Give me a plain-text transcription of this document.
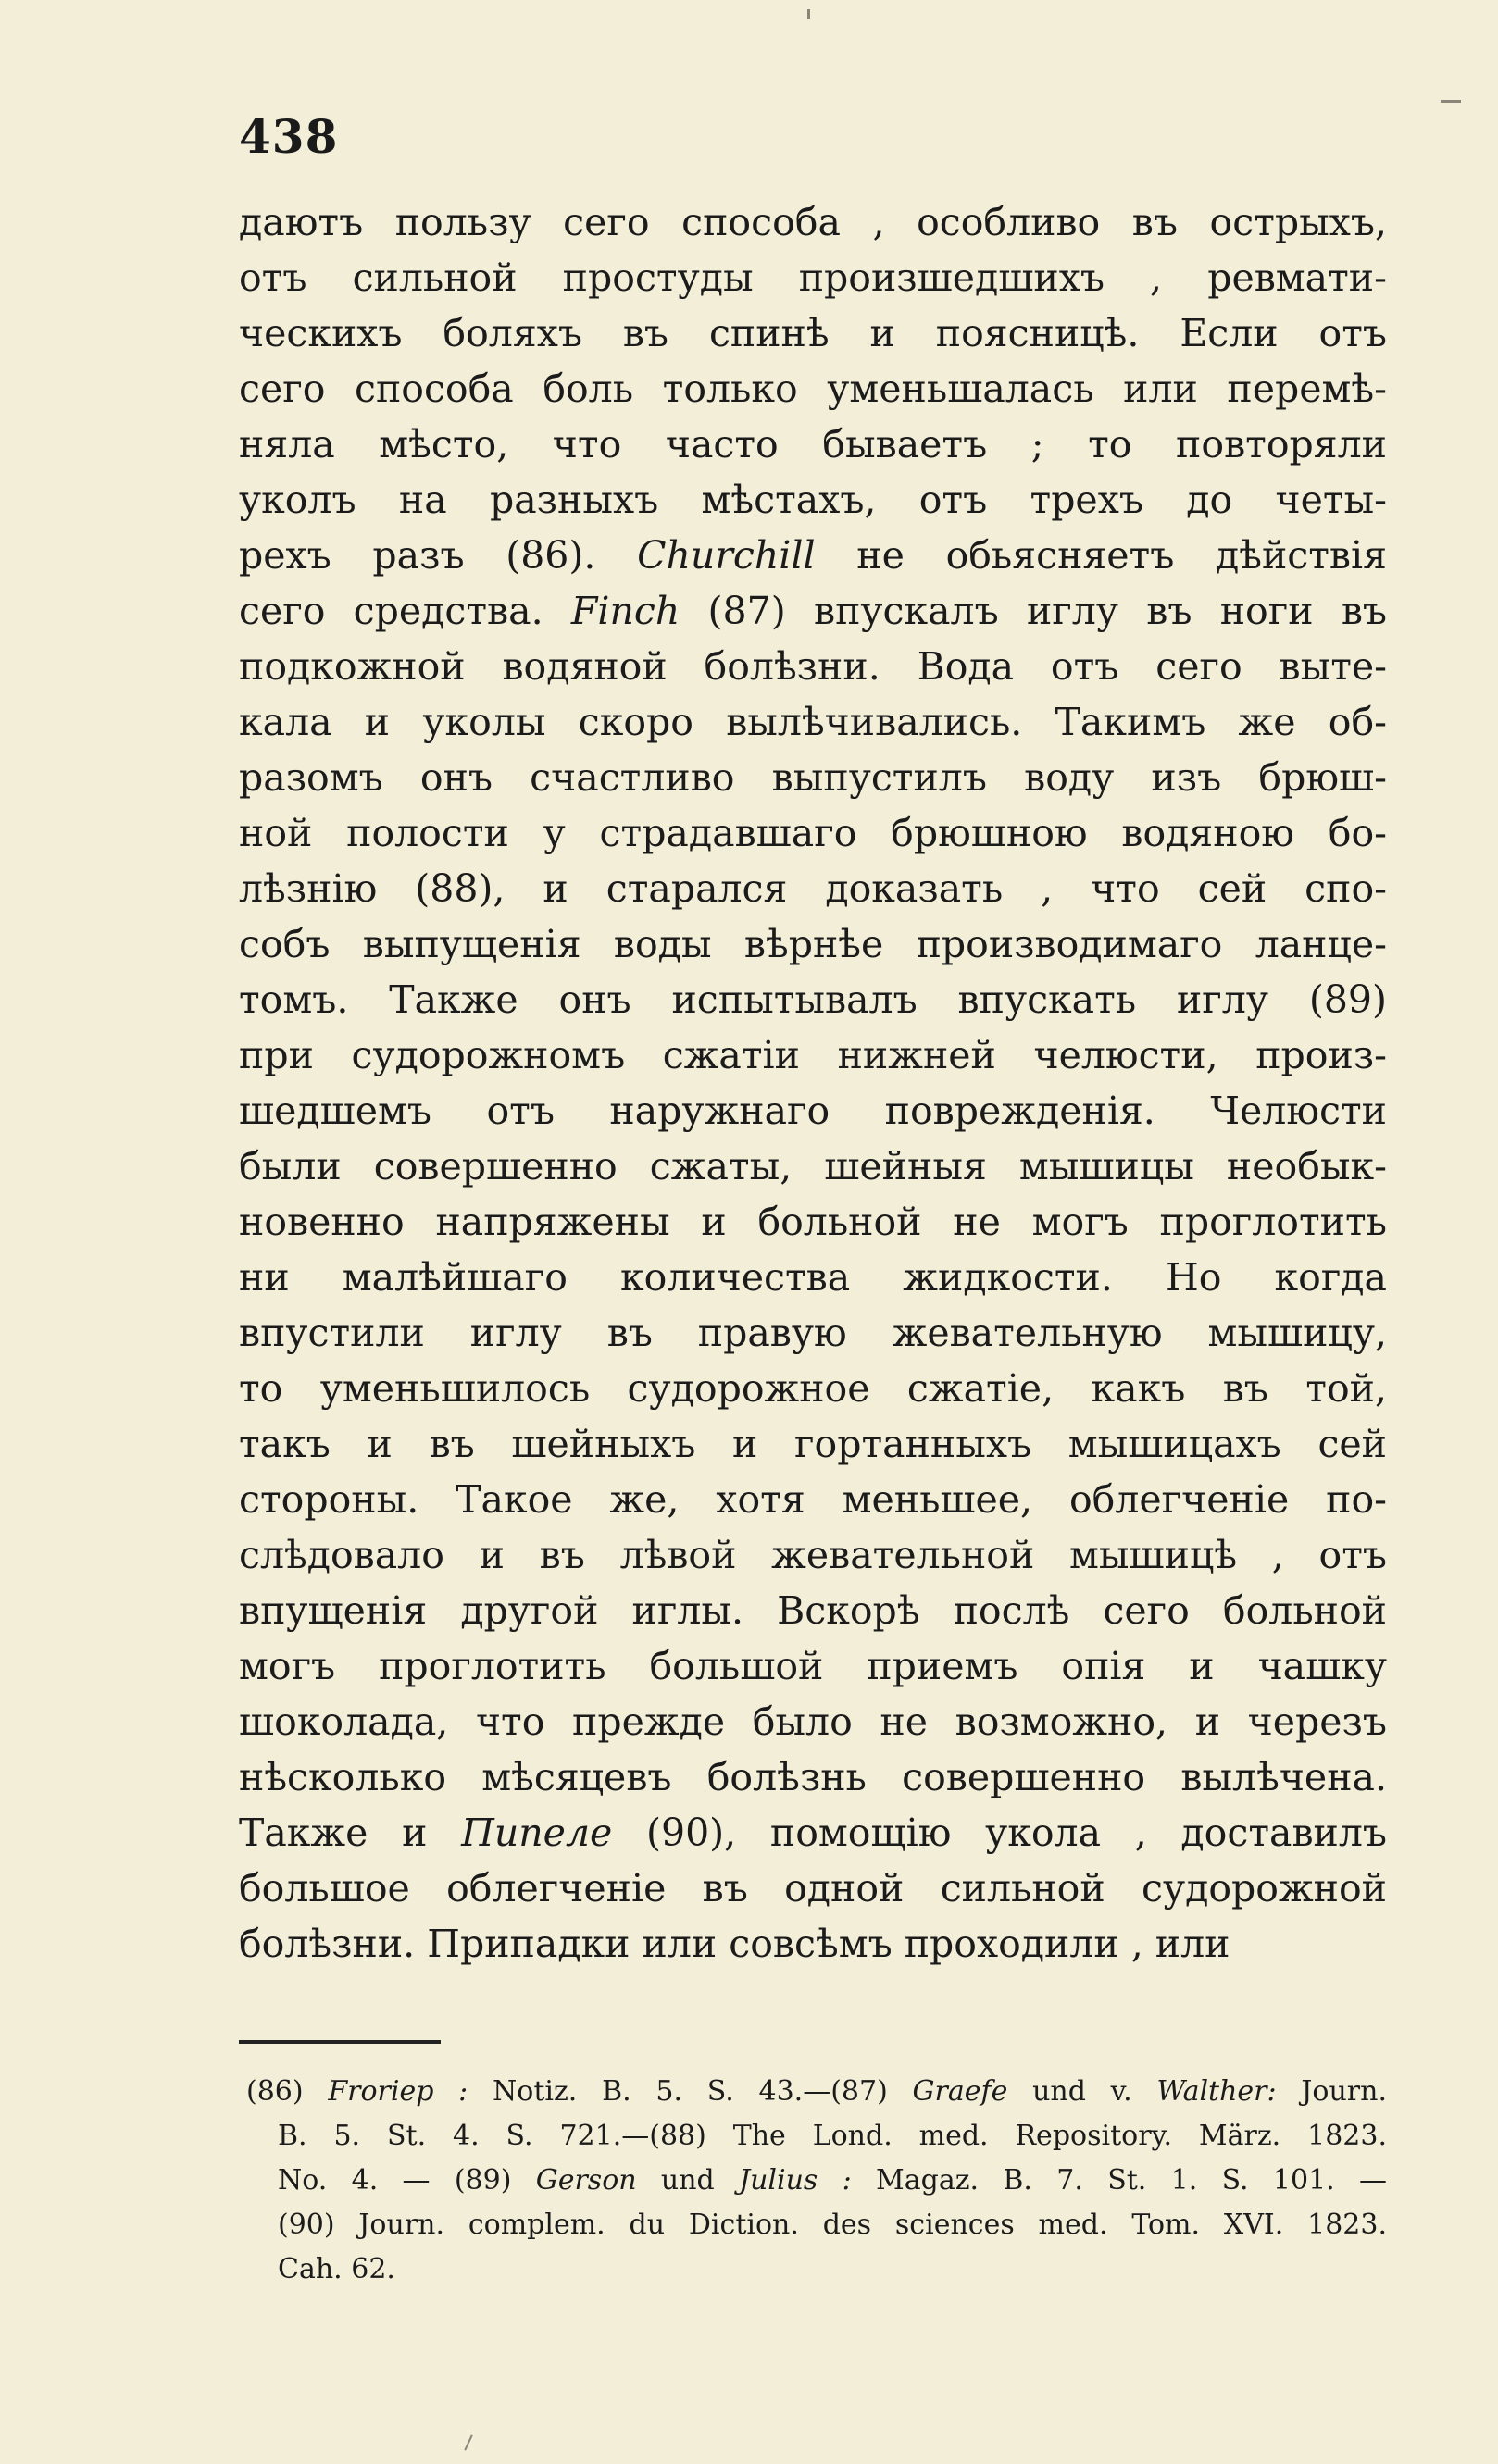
438
даютъ пользу сего способа , особливо въ острыхъ,
отъ сильной простуды произшедшихъ , ревмати-
ческихъ боляхъ въ спинѣ и поясницѣ. Если отъ
сего способа боль только уменьшалась или перемѣ-
няла мѣсто, что часто бываетъ ; то повторяли
уколъ на разныхъ мѣстахъ, отъ трехъ до четы-
рехъ разъ (86). Churchill не обьясняетъ дѣйствія
сего средства. Finch (87) впускалъ иглу въ ноги въ
подкожной водяной болѣзни. Вода отъ сего выте-
кала и уколы скоро вылѣчивались. Такимъ же об-
разомъ онъ счастливо выпустилъ воду изъ брюш-
ной полости у страдавшаго брюшною водяною бо-
лѣзнію (88), и старался доказать , что сей спо-
собъ выпущенія воды вѣрнѣе производимаго ланце-
томъ. Также онъ испытывалъ впускать иглу (89)
при судорожномъ сжатіи нижней челюсти, произ-
шедшемъ отъ наружнаго поврежденія. Челюсти
были совершенно сжаты, шейныя мышицы необык-
новенно напряжены и больной не могъ проглотить
ни малѣйшаго количества жидкости. Но когда
впустили иглу въ правую жевательную мышицу,
то уменьшилось судорожное сжатіе, какъ въ той,
такъ и въ шейныхъ и гортанныхъ мышицахъ сей
стороны. Такое же, хотя меньшее, облегченіе по-
слѣдовало и въ лѣвой жевательной мышицѣ , отъ
впущенія другой иглы. Вскорѣ послѣ сего больной
могъ проглотить большой приемъ опія и чашку
шоколада, что прежде было не возможно, и черезъ
нѣсколько мѣсяцевъ болѣзнь совершенно вылѣчена.
Также и Пипеле (90), помощію укола , доставилъ
большое облегченіе въ одной сильной судорожной
болѣзни. Припадки или совсѣмъ проходили , или
(86) Froriep : Notiz. B. 5. S. 43.—(87) Graefe und v. Walther: Journ.
B. 5. St. 4. S. 721.—(88) The Lond. med. Repository. März. 1823.
No. 4. — (89) Gerson und Julius : Magaz. B. 7. St. 1. S. 101. —
(90) Journ. complem. du Diction. des sciences med. Tom. XVI. 1823.
Cah. 62.
